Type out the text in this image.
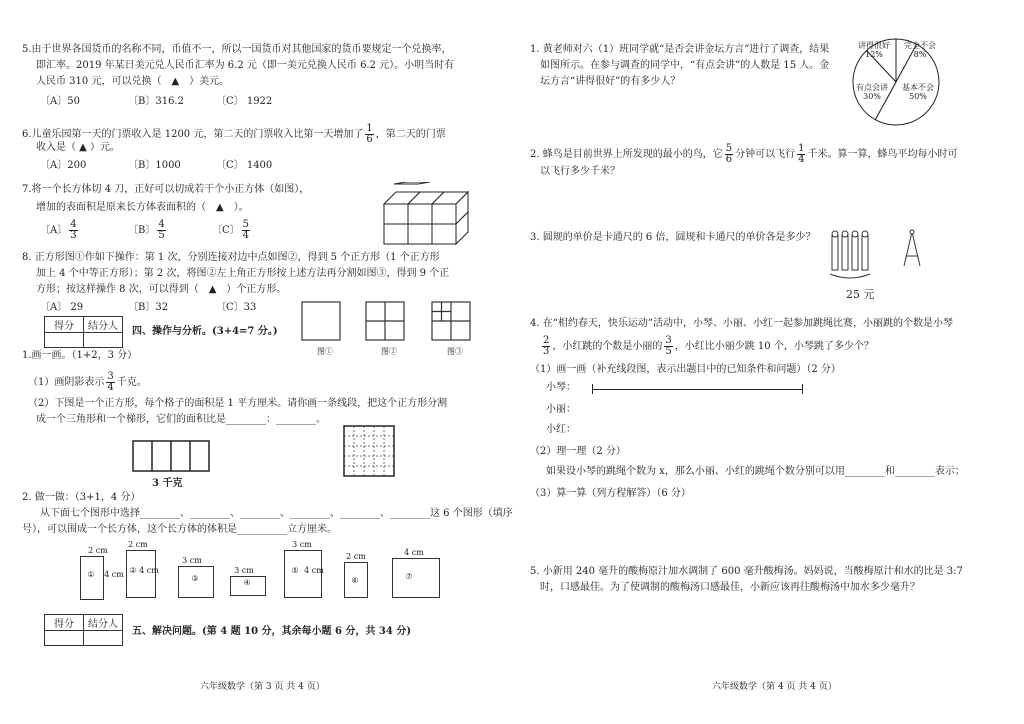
5.由于世界各国货币的名称不同，币值不一，所以一国货币对其他国家的货币要规定一个兑换率，
即汇率。2019 年某日美元兑人民币汇率为 6.2 元（即一美元兑换人民币 6.2 元）。小明当时有
人民币 310 元，可以兑换（　▲　）美元。
〔A〕50	〔B〕316.2	〔C〕 1922
6.儿童乐园第一天的门票收入是 1200 元，第二天的门票收入比第一天增加了 $\frac{1}{6}$ ，第二天的门票
收入是（ ▲ ）元。
〔A〕200	〔B〕1000	〔C〕 1400
7.将一个长方体切 4 刀，正好可以切成若干个小正方体（如图），
增加的表面积是原来长方体表面积的（　▲　）。
〔A〕 $\frac{4}{3}$	〔B〕 $\frac{4}{5}$	〔C〕 $\frac{5}{4}$
8. 正方形图①作如下操作：第 1 次，分别连接对边中点如图②，得到 5 个正方形（1 个正方形
加上 4 个中等正方形）；第 2 次，将图②左上角正方形按上述方法再分割如图③，得到 9 个正
方形；按这样操作 8 次，可以得到（　▲　）个正方形。
〔A〕 29	〔B〕32	〔C〕33
图①	图②	图③
得分	结分人
	四、操作与分析。(3+4=7 分。)
1.画一画。（1+2，3 分）
（1）画阴影表示 $\frac{3}{4}$ 千克。
（2）下图是一个正方形，每个格子的面积是 1 平方厘米。请你画一条线段，把这个正方形分割
成一个三角形和一个梯形，它们的面积比是________：________。
3 千克
2. 做一做：（3+1，4 分）
从下面七个图形中选择________、________、________、________、________、________这 6 个图形（填序
号），可以围成一个长方体，这个长方体的体积是__________立方厘米。
2 cm
①	4 cm
2 cm
② 4 cm
3 cm
③
3 cm
④
3 cm
⑤ 4 cm
2 cm
⑥
4 cm
⑦
得分	结分人

五、解决问题。(第 4 题 10 分，其余每小题 6 分，共 34 分)
六年级数学（第 3 页 共 4 页）
1. 黄老师对六（1）班同学就“是否会讲金坛方言”进行了调查，结果
如图所示。在参与调查的同学中，“有点会讲”的人数是 15 人。金
坛方言“讲得很好”的有多少人？
讲得很好
12%
完全不会
8%
基本不会
50%
有点会讲
30%
2. 蜂鸟是目前世界上所发现的最小的鸟，它 $\frac{5}{6}$ 分钟可以飞行 $\frac{1}{4}$ 千米。算一算，蜂鸟平均每小时可
以飞行多少千米？
3. 圆规的单价是卡通尺的 6 倍，圆规和卡通尺的单价各是多少？
25 元
4. 在“相约春天，快乐运动”活动中，小琴、小丽、小红一起参加跳绳比赛，小丽跳的个数是小琴
$\frac{2}{3}$ ，小红跳的个数是小丽的 $\frac{3}{5}$ ，小红比小丽少跳 10 个，小琴跳了多少个？
（1）画一画（补充线段图，表示出题目中的已知条件和问题）（2 分）
小琴：
小丽：
小红：
（2）理一理（2 分）
如果设小琴的跳绳个数为 x，那么小丽、小红的跳绳个数分别可以用________和________表示；
（3）算一算（列方程解答）（6 分）
5. 小新用 240 毫升的酸梅原汁加水调制了 600 毫升酸梅汤。妈妈说，当酸梅原汁和水的比是 3:7
时，口感最佳。为了使调制的酸梅汤口感最佳，小新应该再往酸梅汤中加水多少毫升？
六年级数学（第 4 页 共 4 页）
